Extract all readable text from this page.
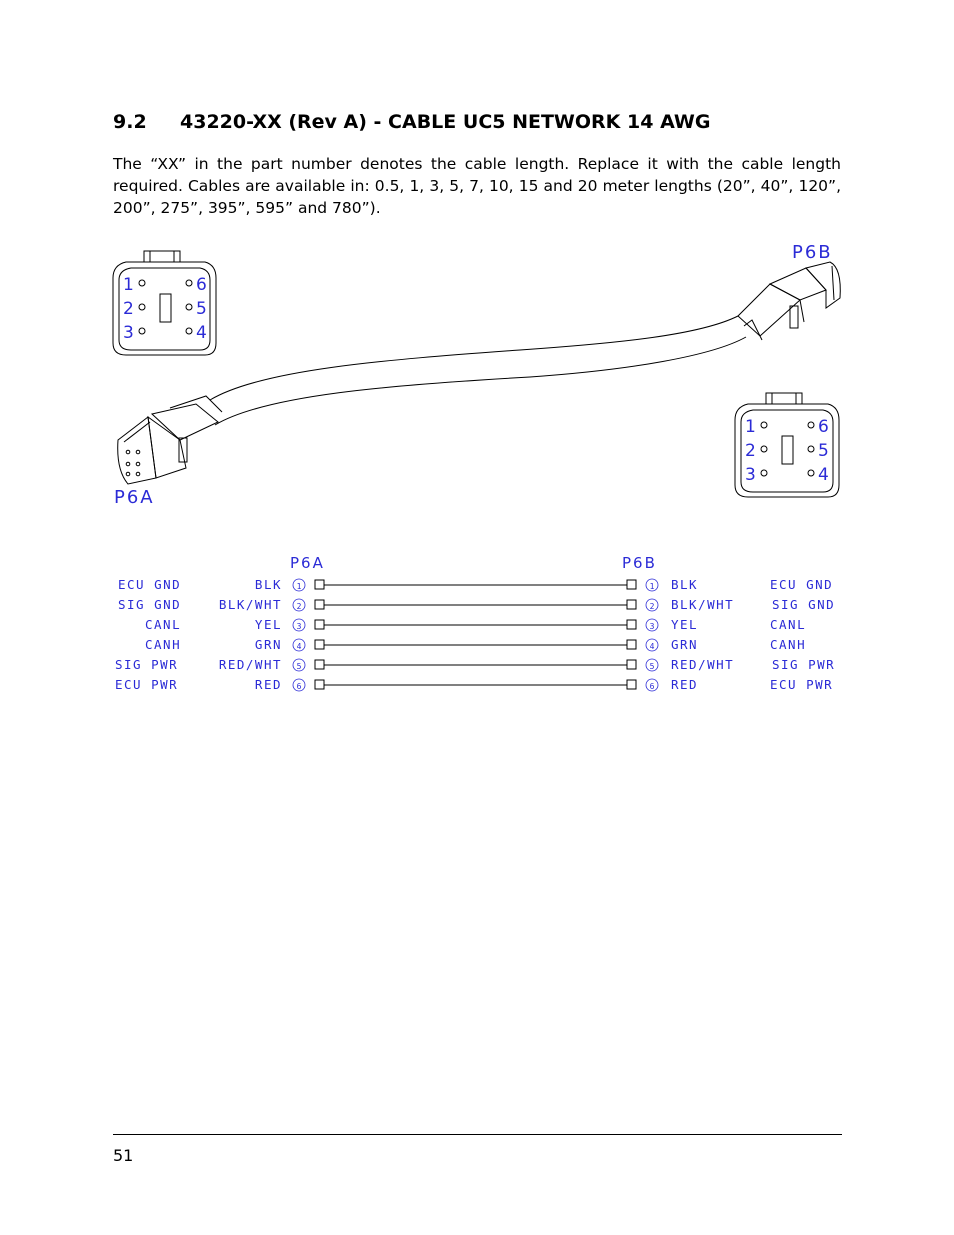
9.2 43220-XX (Rev A) - CABLE UC5 NETWORK 14 AWG
The “XX” in the part number denotes the cable length. Replace it with the cable length required. Cables are available in: 0.5, 1, 3, 5, 7, 10, 15 and 20 meter lengths (20”, 40”, 120”, 200”, 275”, 395”, 595” and 780”).
1
2
3	4
5
6
1
2
3	4
5
6
P6A
P6B
P6A	P6B
ECU GND	BLK 1	1 BLK	ECU GND
SIG GND	BLK/WHT 2	2 BLK/WHT	SIG GND
CANL	YEL 3	3 YEL	CANL
CANH	GRN 4	4 GRN	CANH
SIG PWR	RED/WHT 5	5 RED/WHT	SIG PWR
ECU PWR	RED 6	6 RED	ECU PWR
51
